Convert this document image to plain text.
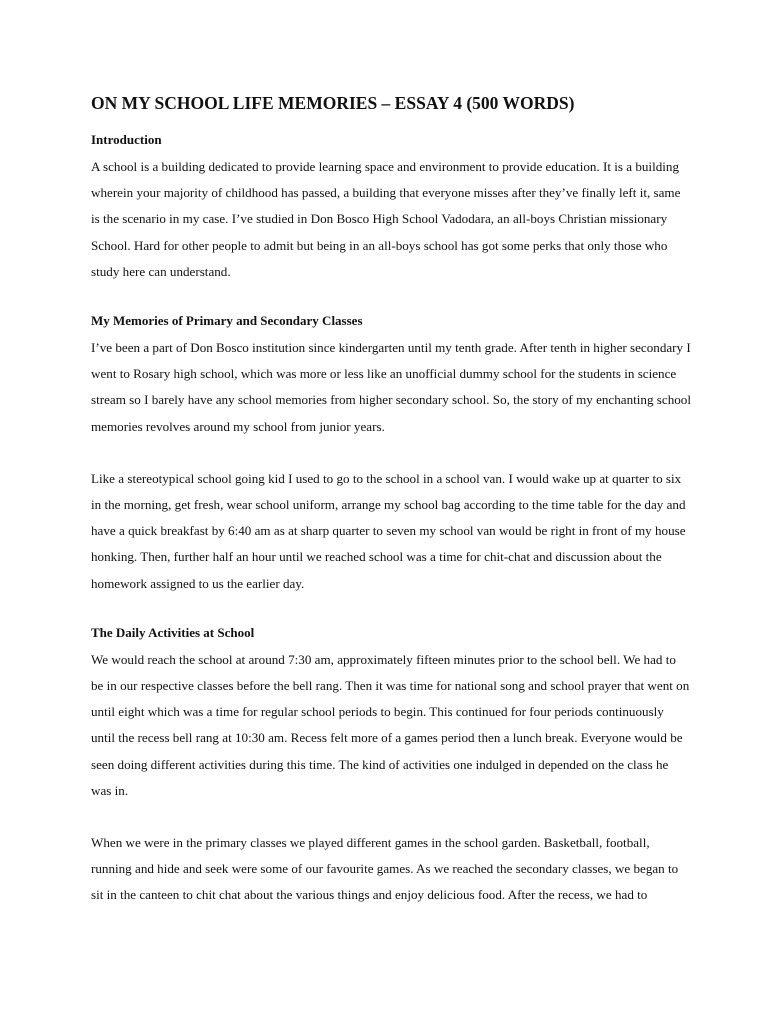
ON MY SCHOOL LIFE MEMORIES – ESSAY 4 (500 WORDS)
Introduction

A school is a building dedicated to provide learning space and environment to provide education. It is a building wherein your majority of childhood has passed, a building that everyone misses after they’ve finally left it, same is the scenario in my case. I’ve studied in Don Bosco High School Vadodara, an all-boys Christian missionary School. Hard for other people to admit but being in an all-boys school has got some perks that only those who study here can understand.

My Memories of Primary and Secondary Classes

I’ve been a part of Don Bosco institution since kindergarten until my tenth grade. After tenth in higher secondary I went to Rosary high school, which was more or less like an unofficial dummy school for the students in science stream so I barely have any school memories from higher secondary school. So, the story of my enchanting school memories revolves around my school from junior years.

Like a stereotypical school going kid I used to go to the school in a school van. I would wake up at quarter to six in the morning, get fresh, wear school uniform, arrange my school bag according to the time table for the day and have a quick breakfast by 6:40 am as at sharp quarter to seven my school van would be right in front of my house honking. Then, further half an hour until we reached school was a time for chit-chat and discussion about the homework assigned to us the earlier day.

The Daily Activities at School

We would reach the school at around 7:30 am, approximately fifteen minutes prior to the school bell. We had to be in our respective classes before the bell rang. Then it was time for national song and school prayer that went on until eight which was a time for regular school periods to begin. This continued for four periods continuously until the recess bell rang at 10:30 am. Recess felt more of a games period then a lunch break. Everyone would be seen doing different activities during this time. The kind of activities one indulged in depended on the class he was in.

When we were in the primary classes we played different games in the school garden. Basketball, football, running and hide and seek were some of our favourite games. As we reached the secondary classes, we began to sit in the canteen to chit chat about the various things and enjoy delicious food. After the recess, we had to
